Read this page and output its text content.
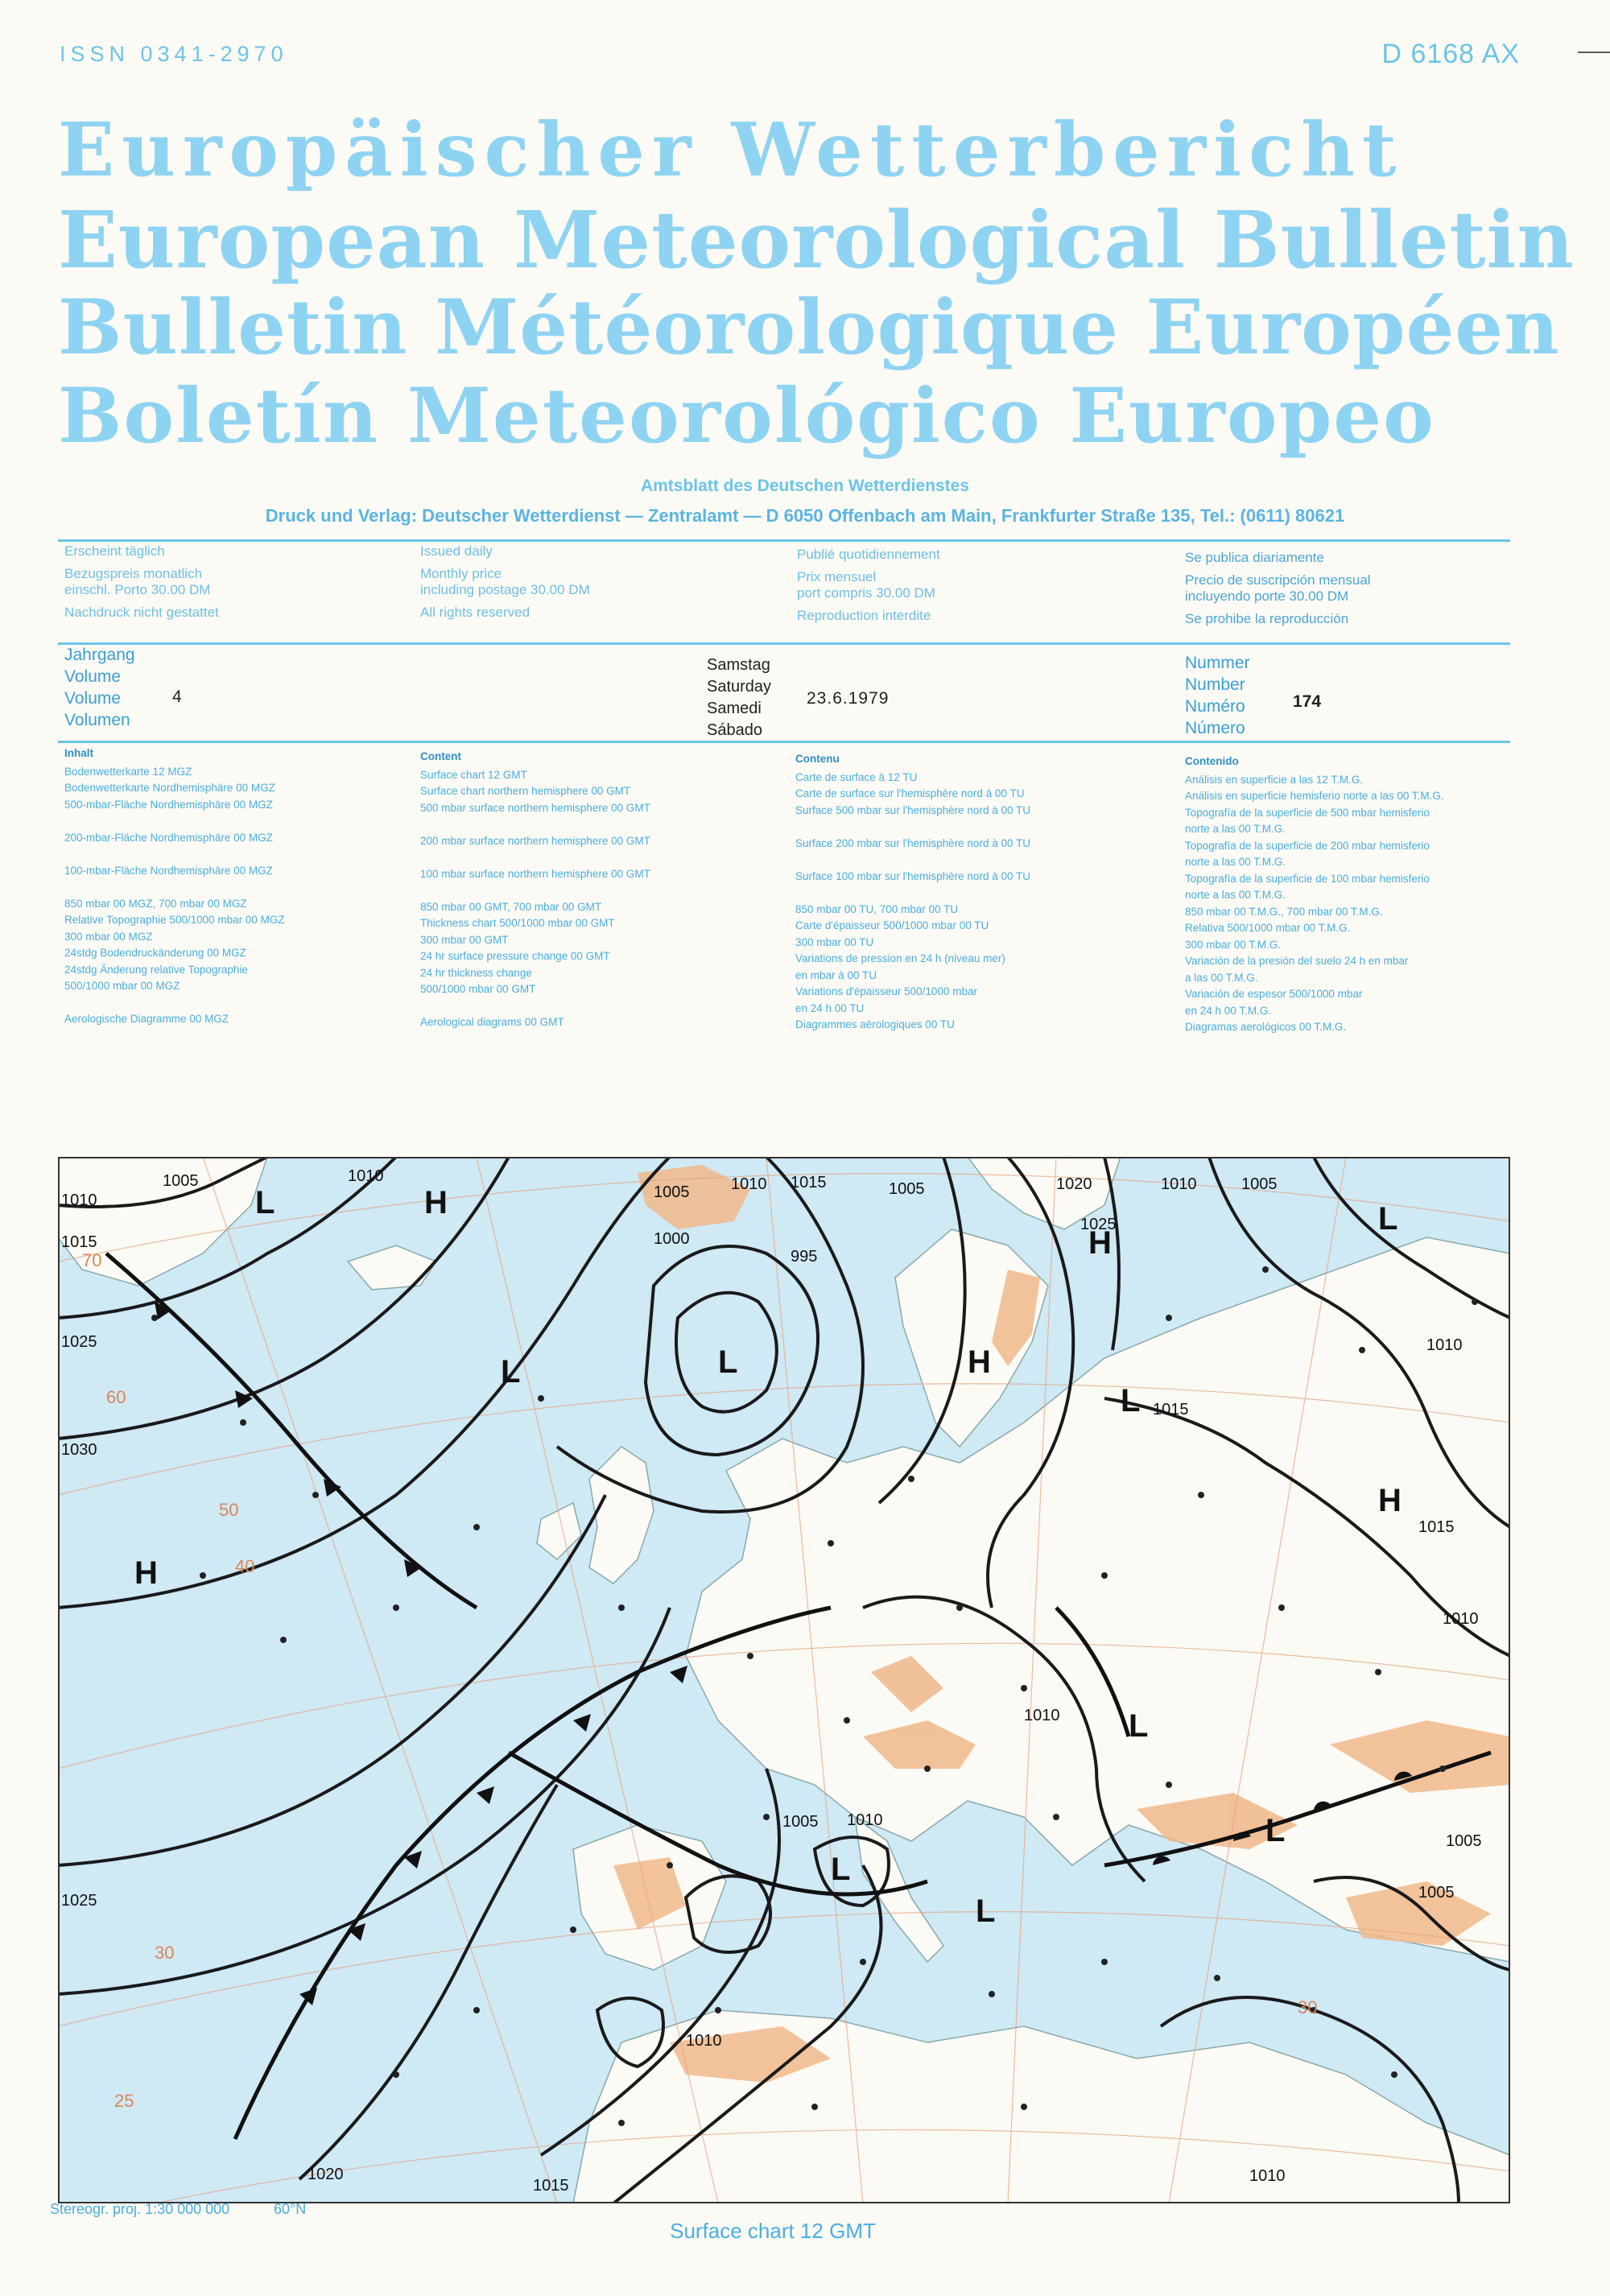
ISSN 0341-2970	D 6168 AX
Europäischer Wetterbericht
European Meteorological Bulletin
Bulletin Météorologique Européen
Boletín Meteorológico Europeo
Amtsblatt des Deutschen Wetterdienstes
Druck und Verlag: Deutscher Wetterdienst — Zentralamt — D 6050 Offenbach am Main, Frankfurter Straße 135, Tel.: (0611) 80621
Erscheint täglich
Bezugspreis monatlich
einschl. Porto 30.00 DM
Nachdruck nicht gestattet
Issued daily
Monthly price
including postage 30.00 DM
All rights reserved
Publié quotidiennement
Prix mensuel
port compris 30.00 DM
Reproduction interdite
Se publica diariamente
Precio de suscripción mensual
incluyendo porte 30.00 DM
Se prohibe la reproducción
Jahrgang
Volume
Volume
Volumen
4
Samstag
Saturday
Samedi
Sábado
23.6.1979
Nummer
Number
Numéro
Número
174
Inhalt
Bodenwetterkarte 12 MGZ
Bodenwetterkarte Nordhemisphäre 00 MGZ
500-mbar-Fläche Nordhemisphäre 00 MGZ

200-mbar-Fläche Nordhemisphäre 00 MGZ

100-mbar-Fläche Nordhemisphäre 00 MGZ

850 mbar 00 MGZ, 700 mbar 00 MGZ
Relative Topographie 500/1000 mbar 00 MGZ
300 mbar 00 MGZ
24stdg Bodendruckänderung 00 MGZ
24stdg Änderung relative Topographie
500/1000 mbar 00 MGZ

Aerologische Diagramme 00 MGZ
Content
Surface chart 12 GMT
Surface chart northern hemisphere 00 GMT
500 mbar surface northern hemisphere 00 GMT

200 mbar surface northern hemisphere 00 GMT

100 mbar surface northern hemisphere 00 GMT

850 mbar 00 GMT, 700 mbar 00 GMT
Thickness chart 500/1000 mbar 00 GMT
300 mbar 00 GMT
24 hr surface pressure change 00 GMT
24 hr thickness change
500/1000 mbar 00 GMT

Aerological diagrams 00 GMT
Contenu
Carte de surface à 12 TU
Carte de surface sur l'hemisphère nord à 00 TU
Surface 500 mbar sur l'hemisphère nord à 00 TU

Surface 200 mbar sur l'hemisphère nord à 00 TU

Surface 100 mbar sur l'hemisphère nord à 00 TU

850 mbar 00 TU, 700 mbar 00 TU
Carte d'épaisseur 500/1000 mbar 00 TU
300 mbar 00 TU
Variations de pression en 24 h (niveau mer)
en mbar à 00 TU
Variations d'épaisseur 500/1000 mbar
en 24 h 00 TU
Diagrammes aérologiques 00 TU
Contenido
Análisis en superficie a las 12 T.M.G.
Análisis en superficie hemisferio norte a las 00 T.M.G.
Topografía de la superficie de 500 mbar hemisferio
norte a las 00 T.M.G.
Topografía de la superficie de 200 mbar hemisferio
norte a las 00 T.M.G.
Topografía de la superficie de 100 mbar hemisferio
norte a las 00 T.M.G.
850 mbar 00 T.M.G., 700 mbar 00 T.M.G.
Relativa 500/1000 mbar 00 T.M.G.
300 mbar 00 T.M.G.
Variación de la presión del suelo 24 h en mbar
a las 00 T.M.G.
Variación de espesor 500/1000 mbar
en 24 h 00 T.M.G.
Diagramas aerológicos 00 T.M.G.
H
L	H
L
H
L	H
L
L
H
L
L
L
L
1005
1010
1015
1010
1005	1010	1005
1015	1020
1025
1010	1005
1015
1025
1030
1025
1020
1015
1010
1005
1010
1015
1010
1010
1005
1010
995
1000
1010
1005
70
60
50
40
30
30
25
Stereogr. proj. 1:30 000 000	60°N
Surface chart 12 GMT
